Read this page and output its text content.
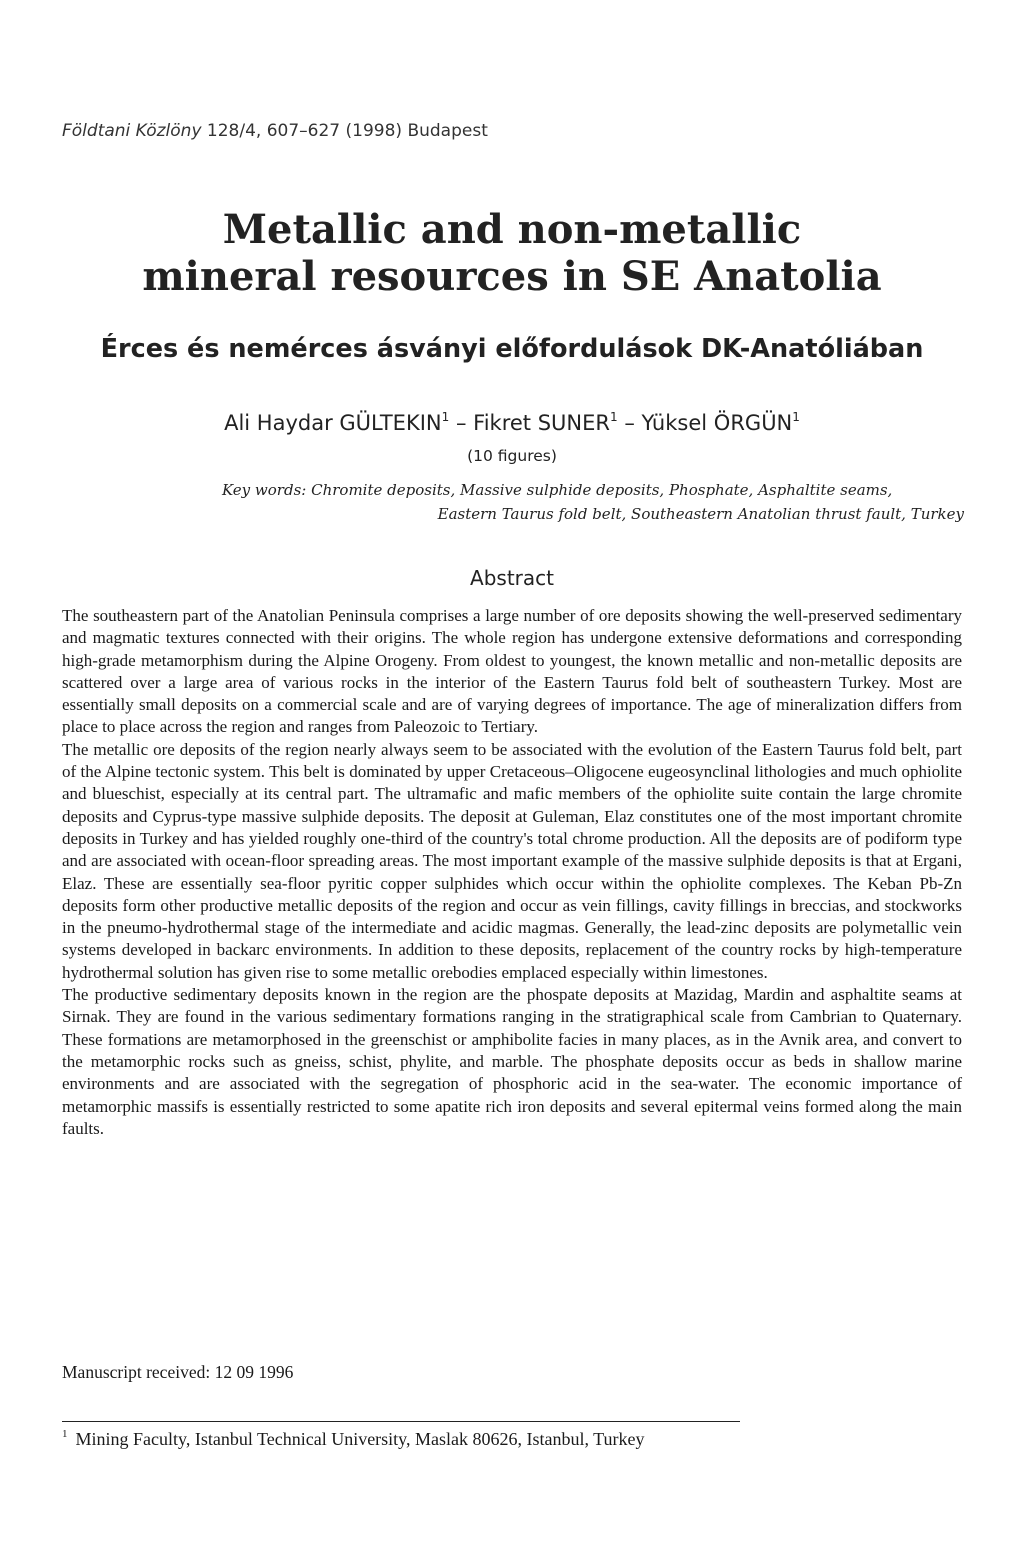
Földtani Közlöny 128/4, 607–627 (1998) Budapest
Metallic and non-metallic
mineral resources in SE Anatolia
Érces és nemérces ásványi előfordulások DK-Anatóliában
Ali Haydar GÜLTEKIN$^1$ – Fikret SUNER$^1$ – Yüksel ÖRGÜN$^1$
(10 figures)
Key words: Chromite deposits, Massive sulphide deposits, Phosphate, Asphaltite seams,
Eastern Taurus fold belt, Southeastern Anatolian thrust fault, Turkey
Abstract

The southeastern part of the Anatolian Peninsula comprises a large number of ore deposits showing the well-preserved sedimentary and magmatic textures connected with their origins. The whole region has undergone extensive deformations and corresponding high-grade metamorphism during the Alpine Orogeny. From oldest to youngest, the known metallic and non-metallic deposits are scattered over a large area of various rocks in the interior of the Eastern Taurus fold belt of southeastern Turkey. Most are essentially small deposits on a commercial scale and are of varying degrees of importance. The age of mineralization differs from place to place across the region and ranges from Paleozoic to Tertiary.

The metallic ore deposits of the region nearly always seem to be associated with the evolution of the Eastern Taurus fold belt, part of the Alpine tectonic system. This belt is dominated by upper Cretaceous–Oligocene eugeosynclinal lithologies and much ophiolite and blueschist, especially at its central part. The ultramafic and mafic members of the ophiolite suite contain the large chromite deposits and Cyprus-type massive sulphide deposits. The deposit at Guleman, Elaz constitutes one of the most important chromite deposits in Turkey and has yielded roughly one-third of the country's total chrome production. All the deposits are of podiform type and are associated with ocean-floor spreading areas. The most important example of the massive sulphide deposits is that at Ergani, Elaz. These are essentially sea-floor pyritic copper sulphides which occur within the ophiolite complexes. The Keban Pb-Zn deposits form other productive metallic deposits of the region and occur as vein fillings, cavity fillings in breccias, and stockworks in the pneumo-hydrothermal stage of the intermediate and acidic magmas. Generally, the lead-zinc deposits are polymetallic vein systems developed in backarc environments. In addition to these deposits, replacement of the country rocks by high-temperature hydrothermal solution has given rise to some metallic orebodies emplaced especially within limestones.

The productive sedimentary deposits known in the region are the phospate deposits at Mazidag, Mardin and asphaltite seams at Sirnak. They are found in the various sedimentary formations ranging in the stratigraphical scale from Cambrian to Quaternary. These formations are metamorphosed in the greenschist or amphibolite facies in many places, as in the Avnik area, and convert to the metamorphic rocks such as gneiss, schist, phylite, and marble. The phosphate deposits occur as beds in shallow marine environments and are associated with the segregation of phosphoric acid in the sea-water. The economic importance of metamorphic massifs is essentially restricted to some apatite rich iron deposits and several epitermal veins formed along the main faults.

Manuscript received: 12 09 1996
$^1$ Mining Faculty, Istanbul Technical University, Maslak 80626, Istanbul, Turkey
